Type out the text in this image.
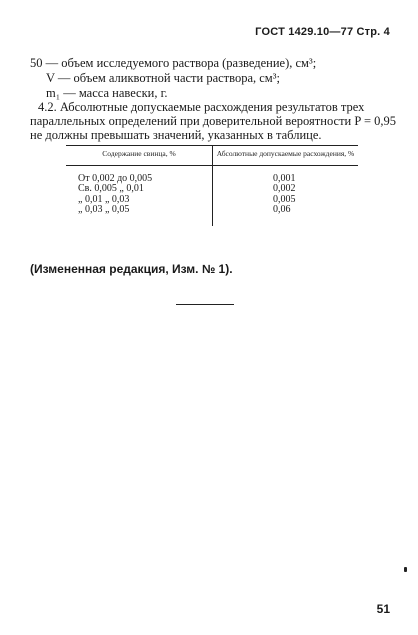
ГОСТ 1429.10—77 Стр. 4
50 — объем исследуемого раствора (разведение), см³;
V — объем аликвотной части раствора, см³;
m₁ — масса навески, г.
4.2. Абсолютные допускаемые расхождения результатов трех
параллельных определений при доверительной вероятности P = 0,95
не должны превышать значений, указанных в таблице.
Содержание свинца, %	Абсолютные допускаемые расхождения, %
От 0,002 до 0,005	0,001
Св. 0,005 „ 0,01	0,002
„ 0,01 „ 0,03	0,005
„ 0,03 „ 0,05	0,06
(Измененная редакция, Изм. № 1).
51
